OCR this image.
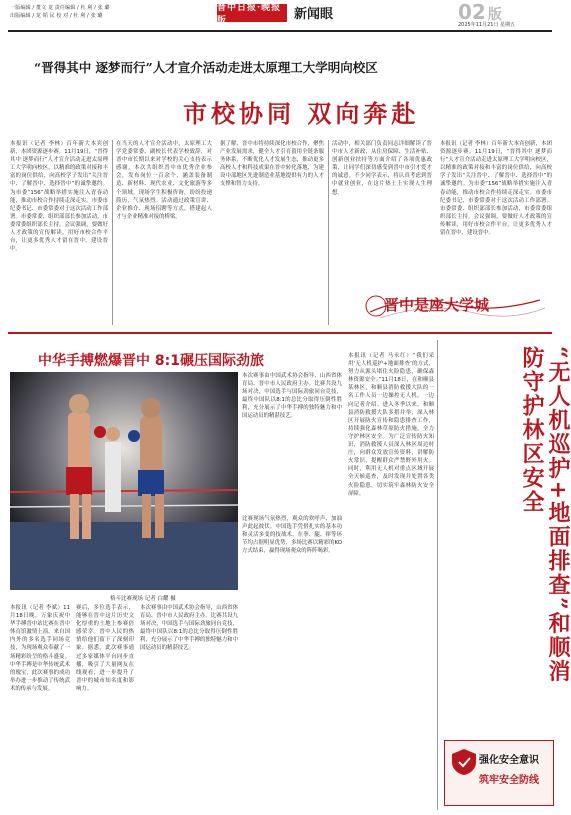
一版编辑 / 董文 龙 责任编辑 / 杜 利 / 张 璐
出版编辑 / 龙 韬 民 校 对 / 杜 利 / 张 璐
晋中日报·晚报版	新闻眼	02 版
2025年11月21日 星期五
“晋得其中 逐梦而行”人才宣介活动走进太原理工大学明向校区
市校协同 双向奔赴
本报讯（记者 李林）百年新大本宾创新，本团资源逐步赛。11月19日，“晋得其中 逐梦而行”人才宣介活动走进太原理工大学明向校区，以精准的政策对接和丰富的岗位供给，向高校学子发出“关注晋中、了解晋中、选择晋中”的诚挚邀约。为市委“156”战略举措实施注入青春动能，推动市校合作持续走深走实。市委市纪委书记、市委常委对于这次活动工作部署。市委常委、组织部部长参加活动，市委常委组织部长主持。会议强调，要做好人才政策的宣传解读，用好市校合作平台，让更多优秀人才留在晋中、建设晋中。
在当天的人才宣介活动中，太原理工大学党委常委、副校长代表学校致辞，对晋中市长期以来对学校的关心支持表示感谢。本次共组织晋中市优秀企业参会，发布岗位一百余个，涵盖装备制造、新材料、现代农业、文化旅游等多个领域。现场学生积极咨询，纷纷投递简历，气氛热烈。活动通过政策宣讲、企业推介、现场招聘等方式，搭建起人才与企业精准对接的桥梁。
据了解，晋中市将持续深化市校合作，聚焦产业发展需求，健全人才引育留用全链条服务体系，不断优化人才发展生态，推动更多高校人才和科技成果在晋中转化落地，为建设中部地区先进制造业基地提供有力的人才支撑和智力支持。
活动中，相关部门负责同志详细解读了晋中市人才新政，从住房保障、生活补贴、创新创业扶持等方面介绍了各项优惠政策，让同学们深切感受到晋中市引才爱才的诚意。不少同学表示，将认真考虑到晋中就业创业，在这片热土上实现人生理想。
本报讯（记者 李林）百年新大本宾创新，本团资源逐步赛。11月19日，“晋得其中 逐梦而行”人才宣介活动走进太原理工大学明向校区，以精准的政策对接和丰富的岗位供给，向高校学子发出“关注晋中、了解晋中、选择晋中”的诚挚邀约。为市委“156”战略举措实施注入青春动能，推动市校合作持续走深走实。市委市纪委书记、市委常委对于这次活动工作部署。市委常委、组织部部长参加活动，市委常委组织部长主持。会议强调，要做好人才政策的宣传解读，用好市校合作平台，让更多优秀人才留在晋中、建设晋中。
晋中是座大学城
中华手搏燃爆晋中 8:1碾压国际劲旅
格斗比赛现场 记者 白耀 摄
本次赛事由中国武术协会指导，山西省体育局、晋中市人民政府主办。比赛共设九场对决，中国选手与国际劲旅同台竞技，最终中国队以8:1的总比分取得压倒性胜利，充分展示了中华手搏的独特魅力和中国运动员的精湛技艺。
比赛现场气氛热烈，观众的欢呼声、加油声此起彼伏。中国选手凭借扎实的基本功和灵活多变的技战术，在拳、腿、摔等环节均占据明显优势，多场比赛以精彩的KO方式结束，赢得现场观众的阵阵喝彩。
本报讯（记者 李斌）11月18日晚，万象庆祝中华手搏晋中站比赛在晋中体育馆激情上演。来自国内外的多名选手同场竞技，为现场观众奉献了一场精彩纷呈的格斗盛宴。中华手搏是中华传统武术的瑰宝，此次赛事的成功举办进一步推动了传统武术的传承与发展。
赛后，多位选手表示，能够在晋中这片历史文化厚重的土地上参赛倍感荣幸。晋中人民的热情给他们留下了深刻印象。据悉，此次赛事通过多家媒体平台同步直播，吸引了大量网友在线观看，进一步提升了晋中的城市知名度和影响力。
本次赛事由中国武术协会指导，山西省体育局、晋中市人民政府主办。比赛共设九场对决，中国选手与国际劲旅同台竞技，最终中国队以8:1的总比分取得压倒性胜利，充分展示了中华手搏的独特魅力和中国运动员的精湛技艺。
本报讯（记者 马永红）“我们采用‘无人机巡护+地面排查’的方式，努力从源头堵住火险隐患，确保森林资源安全。”11月18日，在和顺县某林区，和顺县消防救援大队的一名工作人员一边操控无人机，一边向记者介绍。进入冬季以来，和顺县消防救援大队多措并举，深入林区开展防火宣传和隐患排查工作，持续强化森林草原防火措施，全力守护林区安全。为广泛宣传防火知识，消防救援人员深入林区周边村庄，向群众发放宣传资料，讲解防火常识，提醒群众严禁野外用火。同时，利用无人机对重点区域开展全天候巡查，及时发现并处置各类火险隐患，切实筑牢森林防火安全屏障。	“无人机巡护+地面排查”和顺消防守护林区安全
强化安全意识
筑牢安全防线
